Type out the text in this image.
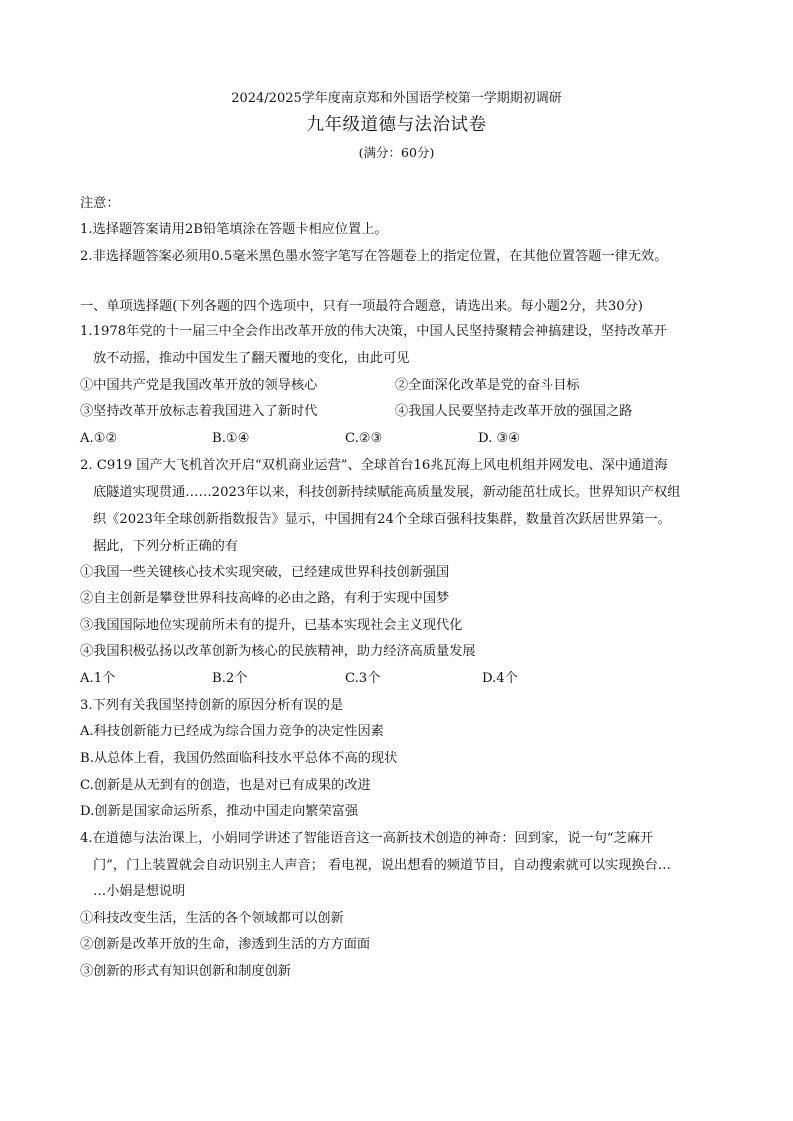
2024/2025学年度南京郑和外国语学校第一学期期初调研
九年级道德与法治试卷
(满分：60分)
注意：
1.选择题答案请用2B铅笔填涂在答题卡相应位置上。
2.非选择题答案必须用0.5毫米黑色墨水签字笔写在答题卷上的指定位置，在其他位置答题一律无效。
一、单项选择题(下列各题的四个选项中，只有一项最符合题意，请选出来。每小题2分，共30分)
1.1978年党的十一届三中全会作出改革开放的伟大决策，中国人民坚持聚精会神搞建设，坚持改革开
放不动摇，推动中国发生了翻天覆地的变化，由此可见
①中国共产党是我国改革开放的领导核心	②全面深化改革是党的奋斗目标
③坚持改革开放标志着我国进入了新时代	④我国人民要坚持走改革开放的强国之路
A.①②	B.①④	C.②③	D. ③④
2. C919 国产大飞机首次开启“双机商业运营”、全球首台16兆瓦海上风电机组并网发电、深中通道海
底隧道实现贯通……2023年以来，科技创新持续赋能高质量发展，新动能茁壮成长。世界知识产权组
织《2023年全球创新指数报告》显示，中国拥有24个全球百强科技集群，数量首次跃居世界第一。
据此，下列分析正确的有
①我国一些关键核心技术实现突破，已经建成世界科技创新强国
②自主创新是攀登世界科技高峰的必由之路，有利于实现中国梦
③我国国际地位实现前所未有的提升，已基本实现社会主义现代化
④我国积极弘扬以改革创新为核心的民族精神，助力经济高质量发展
A.1个	B.2个	C.3个	D.4个
3.下列有关我国坚持创新的原因分析有误的是
A.科技创新能力已经成为综合国力竞争的决定性因素
B.从总体上看，我国仍然面临科技水平总体不高的现状
C.创新是从无到有的创造，也是对已有成果的改进
D.创新是国家命运所系，推动中国走向繁荣富强
4.在道德与法治课上，小娟同学讲述了智能语音这一高新技术创造的神奇：回到家，说一句“芝麻开
门”，门上装置就会自动识别主人声音； 看电视，说出想看的频道节目，自动搜索就可以实现换台…
…小娟是想说明
①科技改变生活，生活的各个领域都可以创新
②创新是改革开放的生命，渗透到生活的方方面面
③创新的形式有知识创新和制度创新
